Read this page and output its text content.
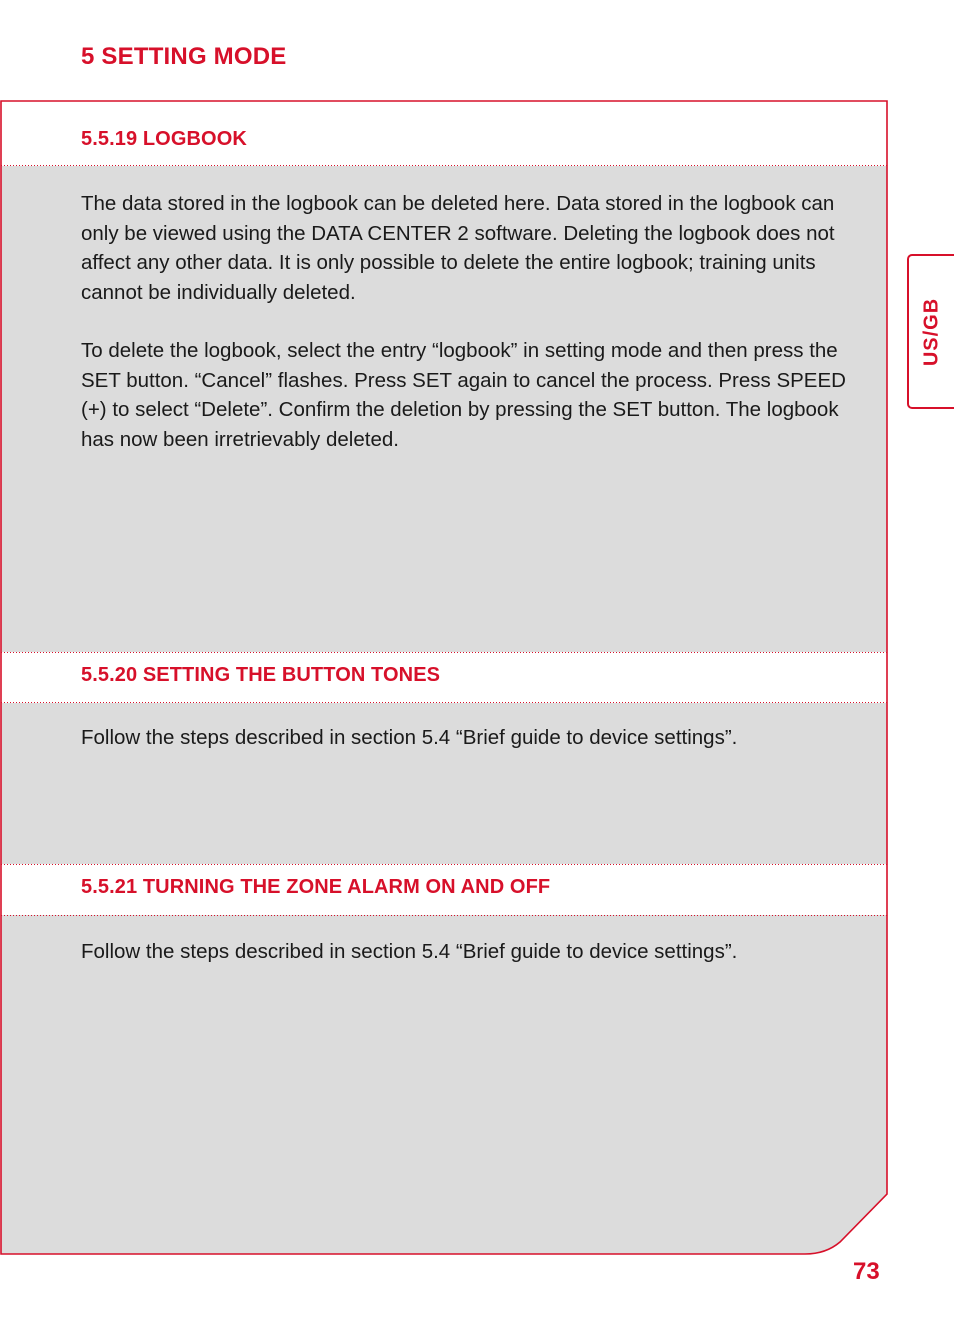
5 SETTING MODE
5.5.19 LOGBOOK

The data stored in the logbook can be deleted here. Data stored in the logbook can only be viewed using the DATA CENTER 2 software. Deleting the logbook does not affect any other data. It is only possible to delete the entire logbook; training units cannot be individually deleted.

To delete the logbook, select the entry “logbook” in setting mode and then press the SET button. “Cancel” flashes. Press SET again to cancel the process. Press SPEED (+) to select “Delete”. Confirm the deletion by pressing the SET button. The logbook has now been irretrievably deleted.

5.5.20 SETTING THE BUTTON TONES

Follow the steps described in section 5.4 “Brief guide to device settings”.

5.5.21 TURNING THE ZONE ALARM ON AND OFF

Follow the steps described in section 5.4 “Brief guide to device settings”.

US/GB
73
